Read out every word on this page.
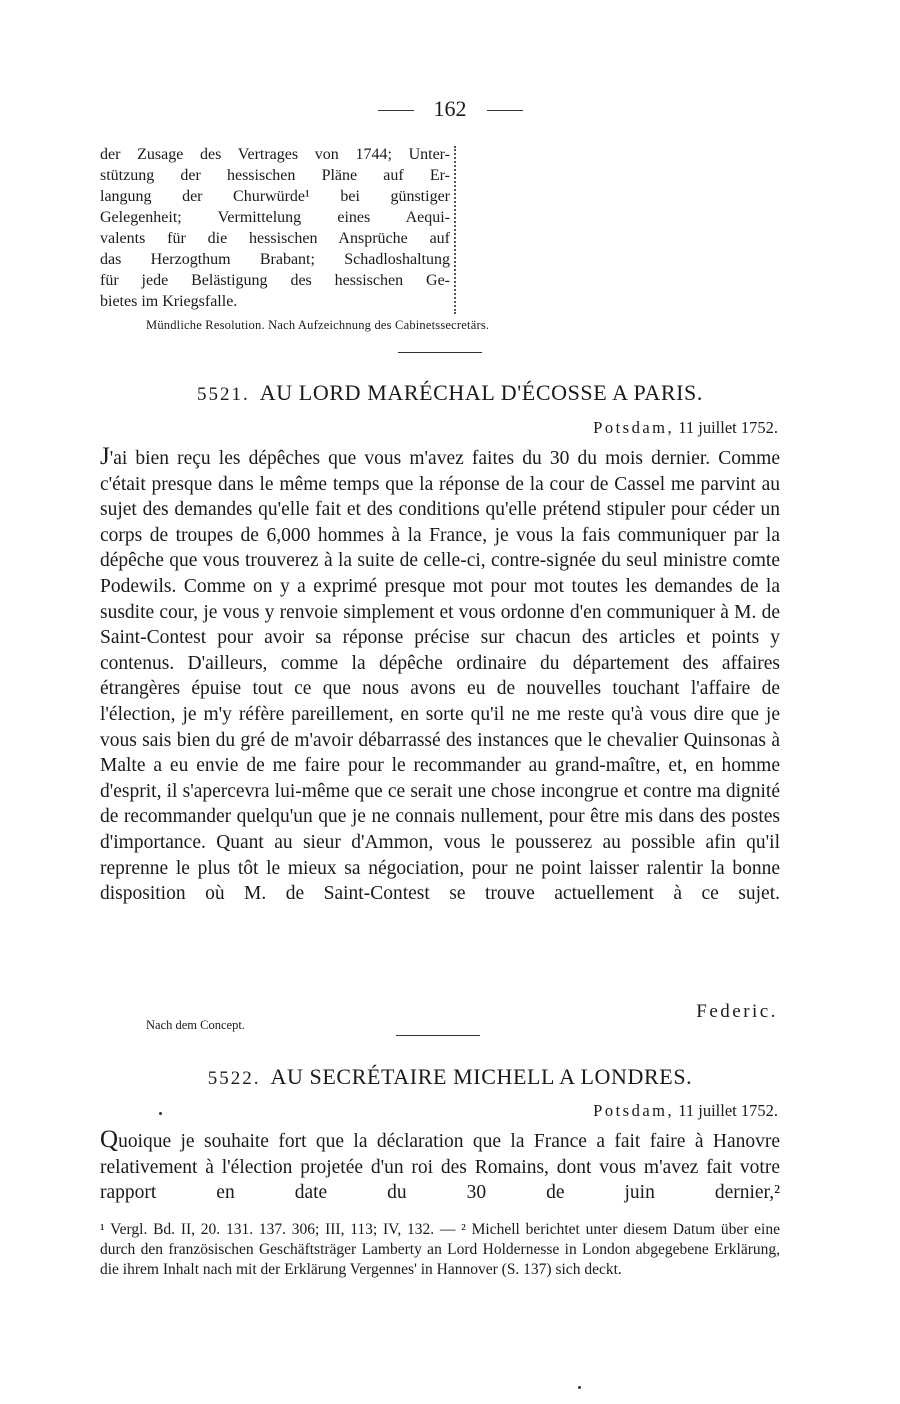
162
der Zusage des Vertrages von 1744; Unter-
stützung der hessischen Pläne auf Er-
langung der Churwürde¹ bei günstiger
Gelegenheit; Vermittelung eines Aequi-
valents für die hessischen Ansprüche auf
das Herzogthum Brabant; Schadloshaltung
für jede Belästigung des hessischen Ge-
bietes im Kriegsfalle.
Mündliche Resolution. Nach Aufzeichnung des Cabinetssecretärs.
5521. AU LORD MARÉCHAL D'ÉCOSSE A PARIS.
Potsdam, 11 juillet 1752.
J'ai bien reçu les dépêches que vous m'avez faites du 30 du mois dernier. Comme c'était presque dans le même temps que la réponse de la cour de Cassel me parvint au sujet des demandes qu'elle fait et des conditions qu'elle prétend stipuler pour céder un corps de troupes de 6,000 hommes à la France, je vous la fais communiquer par la dépêche que vous trouverez à la suite de celle-ci, contre-signée du seul ministre comte Podewils. Comme on y a exprimé presque mot pour mot toutes les demandes de la susdite cour, je vous y renvoie simplement et vous ordonne d'en communiquer à M. de Saint-Contest pour avoir sa réponse précise sur chacun des articles et points y contenus. D'ailleurs, comme la dépêche ordinaire du département des affaires étrangères épuise tout ce que nous avons eu de nouvelles touchant l'affaire de l'élection, je m'y réfère pareillement, en sorte qu'il ne me reste qu'à vous dire que je vous sais bien du gré de m'avoir débarrassé des instances que le chevalier Quinsonas à Malte a eu envie de me faire pour le recommander au grand-maître, et, en homme d'esprit, il s'apercevra lui-même que ce serait une chose incongrue et contre ma dignité de recommander quelqu'un que je ne connais nullement, pour être mis dans des postes d'importance. Quant au sieur d'Ammon, vous le pousserez au possible afin qu'il reprenne le plus tôt le mieux sa négociation, pour ne point laisser ralentir la bonne disposition où M. de Saint-Contest se trouve actuellement à ce sujet.
Federic.
Nach dem Concept.
5522. AU SECRÉTAIRE MICHELL A LONDRES.
Potsdam, 11 juillet 1752.
Quoique je souhaite fort que la déclaration que la France a fait faire à Hanovre relativement à l'élection projetée d'un roi des Romains, dont vous m'avez fait votre rapport en date du 30 de juin dernier,²
¹ Vergl. Bd. II, 20. 131. 137. 306; III, 113; IV, 132. — ² Michell berichtet unter diesem Datum über eine durch den französischen Geschäftsträger Lamberty an Lord Holdernesse in London abgegebene Erklärung, die ihrem Inhalt nach mit der Erklärung Vergennes' in Hannover (S. 137) sich deckt.
